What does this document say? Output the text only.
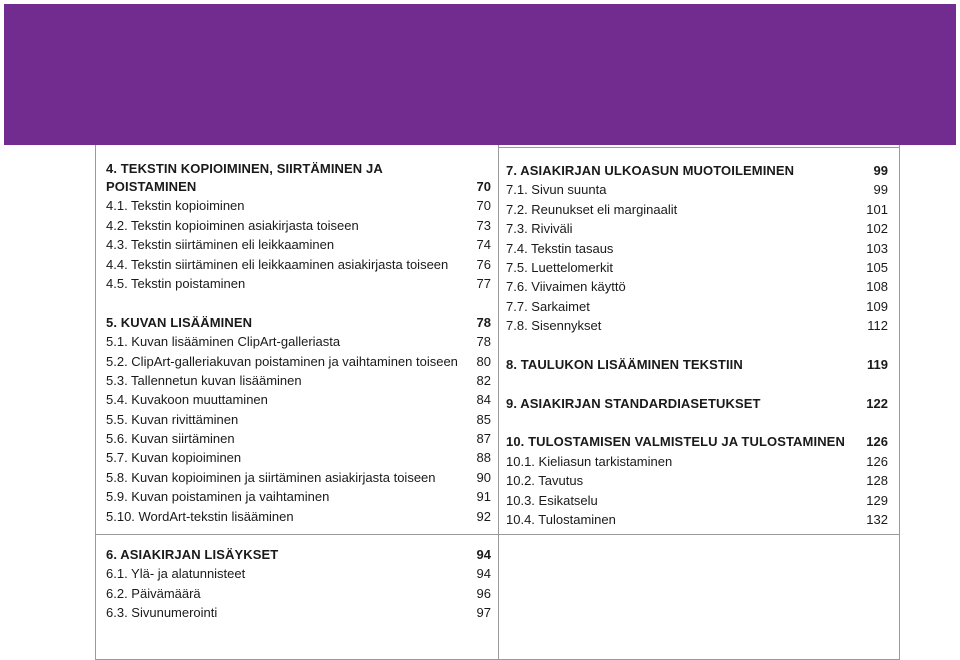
4. TEKSTIN KOPIOIMINEN, SIIRTÄMINEN JA
POISTAMINEN	70
4.1. Tekstin kopioiminen	70
4.2. Tekstin kopioiminen asiakirjasta toiseen	73
4.3. Tekstin siirtäminen eli leikkaaminen	74
4.4. Tekstin siirtäminen eli leikkaaminen asiakirjasta toiseen 76
4.5. Tekstin poistaminen	77
5. KUVAN LISÄÄMINEN	78
5.1. Kuvan lisääminen ClipArt-galleriasta	78
5.2. ClipArt-galleriakuvan poistaminen ja vaihtaminen toiseen 80
5.3. Tallennetun kuvan lisääminen	82
5.4. Kuvakoon muuttaminen	84
5.5. Kuvan rivittäminen	85
5.6. Kuvan siirtäminen	87
5.7. Kuvan kopioiminen	88
5.8. Kuvan kopioiminen ja siirtäminen asiakirjasta toiseen	90
5.9. Kuvan poistaminen ja vaihtaminen	91
5.10. WordArt-tekstin lisääminen	92
6. ASIAKIRJAN LISÄYKSET	94
6.1. Ylä- ja alatunnisteet	94
6.2. Päivämäärä	96
6.3. Sivunumerointi	97
7. ASIAKIRJAN ULKOASUN MUOTOILEMINEN	99
7.1. Sivun suunta	99
7.2. Reunukset eli marginaalit	101
7.3. Riviväli	102
7.4. Tekstin tasaus	103
7.5. Luettelomerkit	105
7.6. Viivaimen käyttö	108
7.7. Sarkaimet	109
7.8. Sisennykset	112
8. TAULUKON LISÄÄMINEN TEKSTIIN	119
9. ASIAKIRJAN STANDARDIASETUKSET	122
10. TULOSTAMISEN VALMISTELU JA TULOSTAMINEN 126
10.1. Kieliasun tarkistaminen	126
10.2. Tavutus	128
10.3. Esikatselu	129
10.4. Tulostaminen	132
